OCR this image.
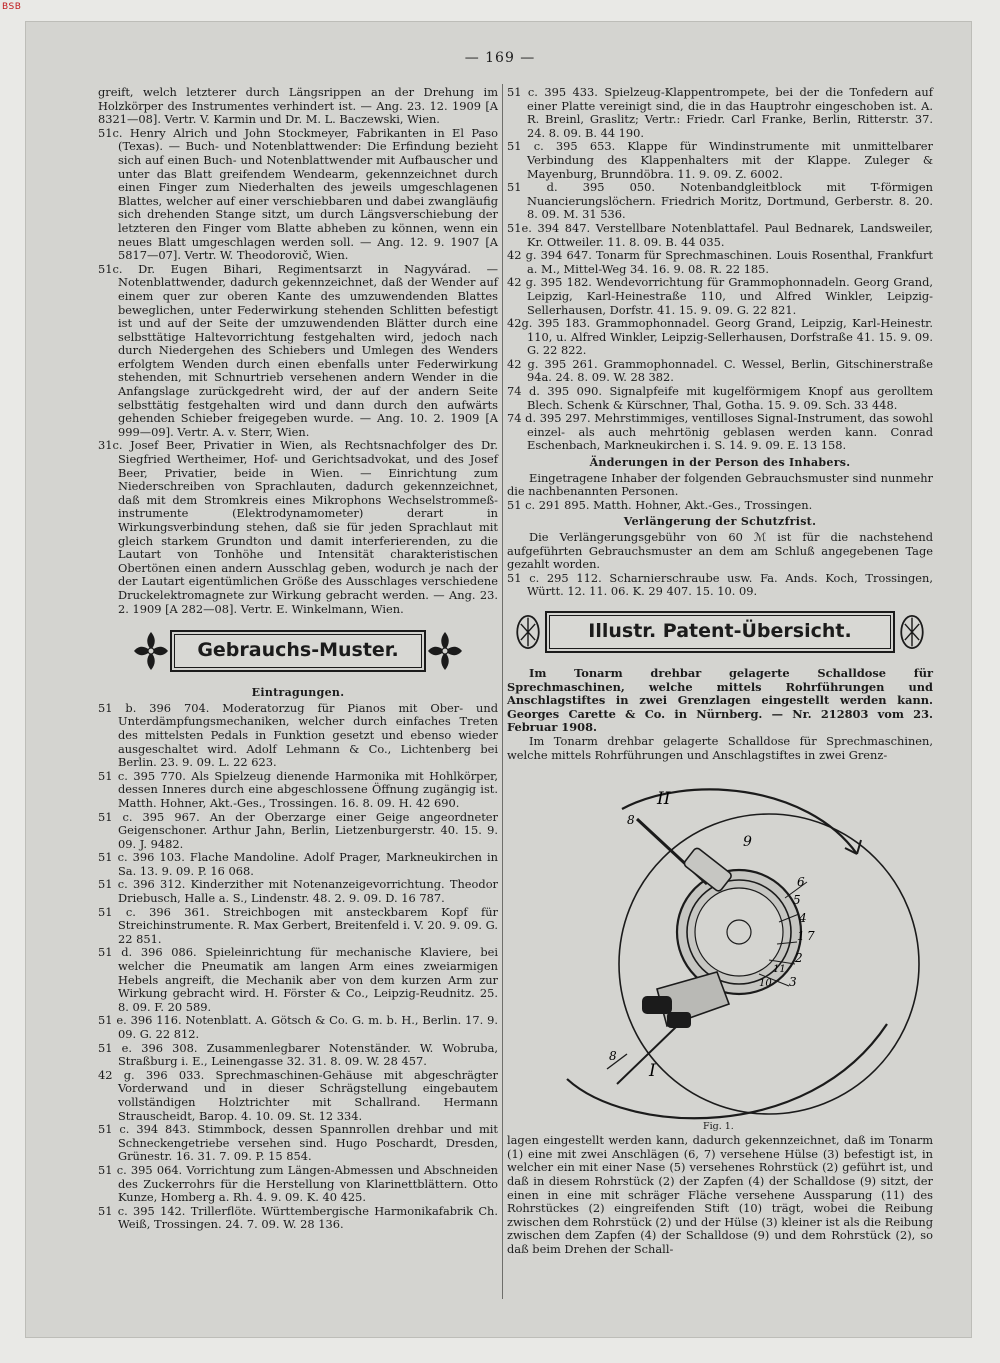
BSB
— 169 —

greift, welch letzterer durch Längsrippen an der Drehung im Holzkörper des Instrumentes verhindert ist. — Ang. 23. 12. 1909 [A 8321—08]. Vertr. V. Karmin und Dr. M. L. Baczewski, Wien.

51c. Henry Alrich und John Stockmeyer, Fabrikanten in El Paso (Texas). — Buch- und Notenblattwender: Die Erfindung bezieht sich auf einen Buch- und Notenblattwender mit Aufbauscher und unter das Blatt greifendem Wendearm, gekennzeichnet durch einen Finger zum Niederhalten des jeweils umgeschlagenen Blattes, welcher auf einer verschiebbaren und dabei zwangläufig sich drehenden Stange sitzt, um durch Längsverschiebung der letzteren den Finger vom Blatte abheben zu können, wenn ein neues Blatt umgeschlagen werden soll. — Ang. 12. 9. 1907 [A 5817—07]. Vertr. W. Theodorovič, Wien.

51c. Dr. Eugen Bihari, Regimentsarzt in Nagyvárad. — Notenblattwender, dadurch gekennzeichnet, daß der Wender auf einem quer zur oberen Kante des umzuwendenden Blattes beweglichen, unter Federwirkung stehenden Schlitten befestigt ist und auf der Seite der umzuwendenden Blätter durch eine selbsttätige Haltevorrichtung festgehalten wird, jedoch nach durch Niedergehen des Schiebers und Umlegen des Wenders erfolgtem Wenden durch einen ebenfalls unter Federwirkung stehenden, mit Schnurtrieb versehenen andern Wender in die Anfangslage zurückgedreht wird, der auf der andern Seite selbsttätig festgehalten wird und dann durch den aufwärts gehenden Schieber freigegeben wurde. — Ang. 10. 2. 1909 [A 999—09]. Vertr. A. v. Sterr, Wien.

31c. Josef Beer, Privatier in Wien, als Rechtsnachfolger des Dr. Siegfried Wertheimer, Hof- und Gerichtsadvokat, und des Josef Beer, Privatier, beide in Wien. — Einrichtung zum Niederschreiben von Sprachlauten, dadurch gekennzeichnet, daß mit dem Stromkreis eines Mikrophons Wechselstrommeß-instrumente (Elektrodynamometer) derart in Wirkungsverbindung stehen, daß sie für jeden Sprachlaut mit gleich starkem Grundton und damit interferierenden, zu die Lautart von Tonhöhe und Intensität charakteristischen Obertönen einen andern Ausschlag geben, wodurch je nach der der Lautart eigentümlichen Größe des Ausschlages verschiedene Druckelektromagnete zur Wirkung gebracht werden. — Ang. 23. 2. 1909 [A 282—08]. Vertr. E. Winkelmann, Wien.

Gebrauchs-Muster.
Eintragungen.

51 b. 396 704. Moderatorzug für Pianos mit Ober- und Unterdämpfungsmechaniken, welcher durch einfaches Treten des mittelsten Pedals in Funktion gesetzt und ebenso wieder ausgeschaltet wird. Adolf Lehmann & Co., Lichtenberg bei Berlin. 23. 9. 09. L. 22 623.

51 c. 395 770. Als Spielzeug dienende Harmonika mit Hohlkörper, dessen Inneres durch eine abgeschlossene Öffnung zugängig ist. Matth. Hohner, Akt.-Ges., Trossingen. 16. 8. 09. H. 42 690.

51 c. 395 967. An der Oberzarge einer Geige angeordneter Geigenschoner. Arthur Jahn, Berlin, Lietzenburgerstr. 40. 15. 9. 09. J. 9482.

51 c. 396 103. Flache Mandoline. Adolf Prager, Markneukirchen in Sa. 13. 9. 09. P. 16 068.

51 c. 396 312. Kinderzither mit Notenanzeigevorrichtung. Theodor Driebusch, Halle a. S., Lindenstr. 48. 2. 9. 09. D. 16 787.

51 c. 396 361. Streichbogen mit ansteckbarem Kopf für Streichinstrumente. R. Max Gerbert, Breitenfeld i. V. 20. 9. 09. G. 22 851.

51 d. 396 086. Spieleinrichtung für mechanische Klaviere, bei welcher die Pneumatik am langen Arm eines zweiarmigen Hebels angreift, die Mechanik aber von dem kurzen Arm zur Wirkung gebracht wird. H. Förster & Co., Leipzig-Reudnitz. 25. 8. 09. F. 20 589.

51 e. 396 116. Notenblatt. A. Götsch & Co. G. m. b. H., Berlin. 17. 9. 09. G. 22 812.

51 e. 396 308. Zusammenlegbarer Notenständer. W. Wobruba, Straßburg i. E., Leinengasse 32. 31. 8. 09. W. 28 457.

42 g. 396 033. Sprechmaschinen-Gehäuse mit abgeschrägter Vorderwand und in dieser Schrägstellung eingebautem vollständigen Holztrichter mit Schallrand. Hermann Strauscheidt, Barop. 4. 10. 09. St. 12 334.

51 c. 394 843. Stimmbock, dessen Spannrollen drehbar und mit Schneckengetriebe versehen sind. Hugo Poschardt, Dresden, Grünestr. 16. 31. 7. 09. P. 15 854.

51 c. 395 064. Vorrichtung zum Längen-Abmessen und Abschneiden des Zuckerrohrs für die Herstellung von Klarinettblättern. Otto Kunze, Homberg a. Rh. 4. 9. 09. K. 40 425.

51 c. 395 142. Trillerflöte. Württembergische Harmonikafabrik Ch. Weiß, Trossingen. 24. 7. 09. W. 28 136.

51 c. 395 433. Spielzeug-Klappentrompete, bei der die Tonfedern auf einer Platte vereinigt sind, die in das Hauptrohr eingeschoben ist. A. R. Breinl, Graslitz; Vertr.: Friedr. Carl Franke, Berlin, Ritterstr. 37. 24. 8. 09. B. 44 190.

51 c. 395 653. Klappe für Windinstrumente mit unmittelbarer Verbindung des Klappenhalters mit der Klappe. Zuleger & Mayenburg, Brunndöbra. 11. 9. 09. Z. 6002.

51 d. 395 050. Notenbandgleitblock mit T-förmigen Nuancierungslöchern. Friedrich Moritz, Dortmund, Gerberstr. 8. 20. 8. 09. M. 31 536.

51e. 394 847. Verstellbare Notenblattafel. Paul Bednarek, Landsweiler, Kr. Ottweiler. 11. 8. 09. B. 44 035.

42 g. 394 647. Tonarm für Sprechmaschinen. Louis Rosenthal, Frankfurt a. M., Mittel-Weg 34. 16. 9. 08. R. 22 185.

42 g. 395 182. Wendevorrichtung für Grammophonnadeln. Georg Grand, Leipzig, Karl-Heinestraße 110, und Alfred Winkler, Leipzig-Sellerhausen, Dorfstr. 41. 15. 9. 09. G. 22 821.

42g. 395 183. Grammophonnadel. Georg Grand, Leipzig, Karl-Heinestr. 110, u. Alfred Winkler, Leipzig-Sellerhausen, Dorfstraße 41. 15. 9. 09. G. 22 822.

42 g. 395 261. Grammophonnadel. C. Wessel, Berlin, Gitschinerstraße 94a. 24. 8. 09. W. 28 382.

74 d. 395 090. Signalpfeife mit kugelförmigem Knopf aus gerolltem Blech. Schenk & Kürschner, Thal, Gotha. 15. 9. 09. Sch. 33 448.

74 d. 395 297. Mehrstimmiges, ventilloses Signal-Instrument, das sowohl einzel- als auch mehrtönig geblasen werden kann. Conrad Eschenbach, Markneukirchen i. S. 14. 9. 09. E. 13 158.

Änderungen in der Person des Inhabers.

Eingetragene Inhaber der folgenden Gebrauchsmuster sind nunmehr die nachbenannten Personen.

51 c. 291 895. Matth. Hohner, Akt.-Ges., Trossingen.

Verlängerung der Schutzfrist.

Die Verlängerungsgebühr von 60 ℳ ist für die nachstehend aufgeführten Gebrauchsmuster an dem am Schluß angegebenen Tage gezahlt worden.

51 c. 295 112. Scharnierschraube usw. Fa. Ands. Koch, Trossingen, Württ. 12. 11. 06. K. 29 407. 15. 10. 09.

Illustr. Patent-Übersicht.

Im Tonarm drehbar gelagerte Schalldose für Sprechmaschinen, welche mittels Rohrführungen und Anschlagstiftes in zwei Grenzlagen eingestellt werden kann. Georges Carette & Co. in Nürnberg. — Nr. 212803 vom 23. Februar 1908.

Im Tonarm drehbar gelagerte Schalldose für Sprechmaschinen, welche mittels Rohrführungen und Anschlagstiftes in zwei Grenz-

II
I
8
9
6
5
4
1 7
2
3
10
11
8
Fig. 1.

lagen eingestellt werden kann, dadurch gekennzeichnet, daß im Tonarm (1) eine mit zwei Anschlägen (6, 7) versehene Hülse (3) befestigt ist, in welcher ein mit einer Nase (5) versehenes Rohrstück (2) geführt ist, und daß in diesem Rohrstück (2) der Zapfen (4) der Schalldose (9) sitzt, der einen in eine mit schräger Fläche versehene Aussparung (11) des Rohrstückes (2) eingreifenden Stift (10) trägt, wobei die Reibung zwischen dem Rohrstück (2) und der Hülse (3) kleiner ist als die Reibung zwischen dem Zapfen (4) der Schalldose (9) und dem Rohrstück (2), so daß beim Drehen der Schall-
